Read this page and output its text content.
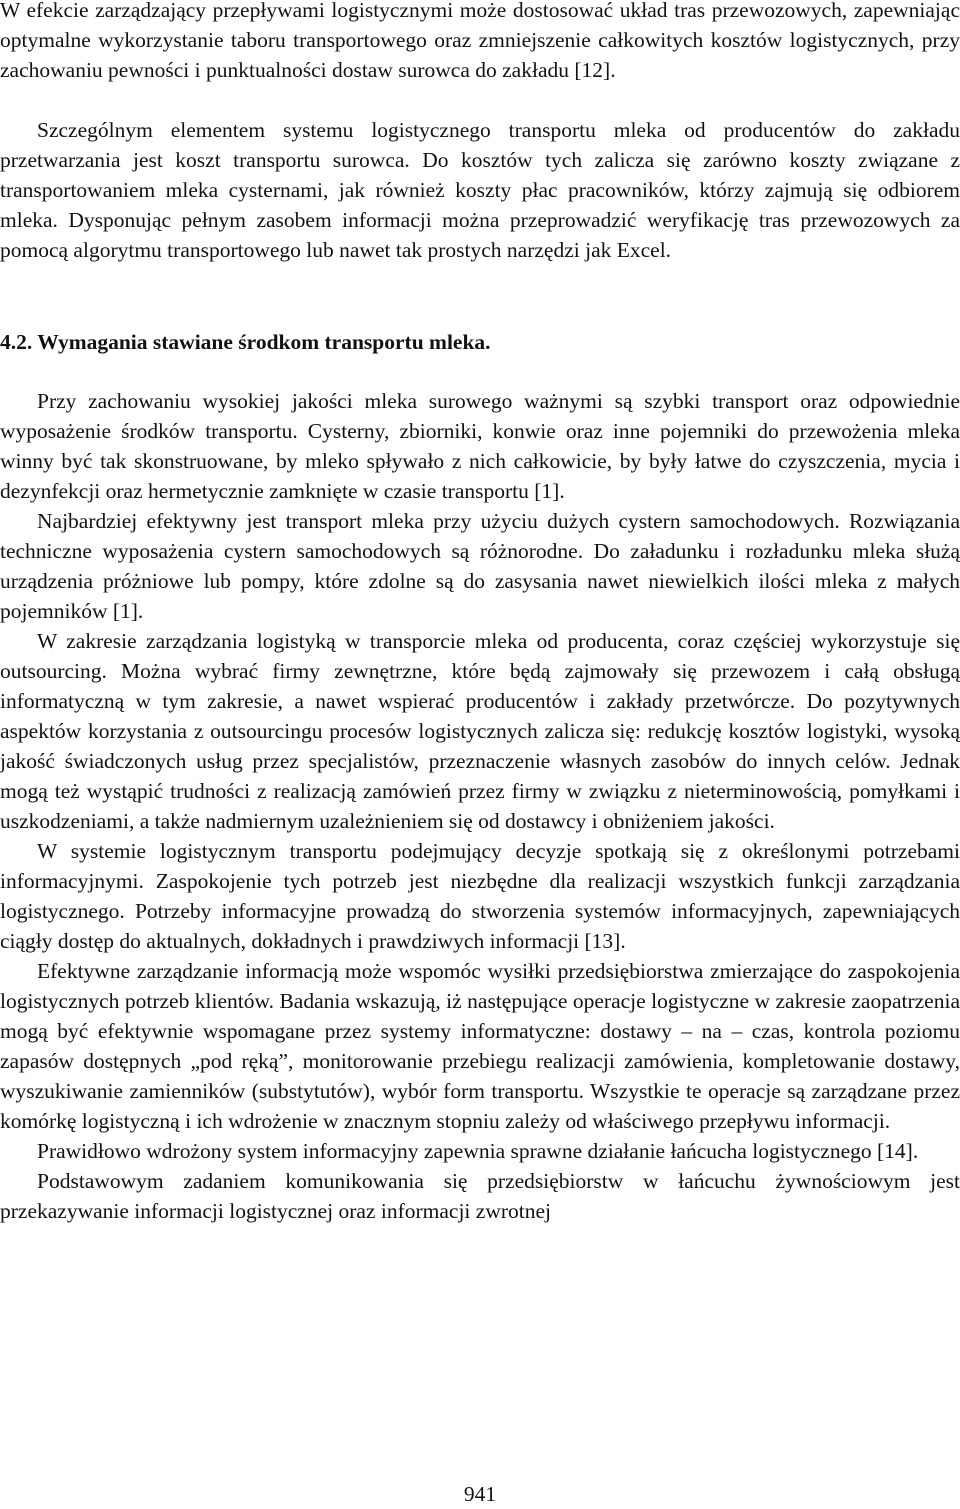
W efekcie zarządzający przepływami logistycznymi może dostosować układ tras przewozowych, zapewniając optymalne wykorzystanie taboru transportowego oraz zmniejszenie całkowitych kosztów logistycznych, przy zachowaniu pewności i punktualności dostaw surowca do zakładu [12].

Szczególnym elementem systemu logistycznego transportu mleka od producentów do zakładu przetwarzania jest koszt transportu surowca. Do kosztów tych zalicza się zarówno koszty związane z transportowaniem mleka cysternami, jak również koszty płac pracowników, którzy zajmują się odbiorem mleka. Dysponując pełnym zasobem informacji można przeprowadzić weryfikację tras przewozowych za pomocą algorytmu transportowego lub nawet tak prostych narzędzi jak Excel.

4.2. Wymagania stawiane środkom transportu mleka.

Przy zachowaniu wysokiej jakości mleka surowego ważnymi są szybki transport oraz odpowiednie wyposażenie środków transportu. Cysterny, zbiorniki, konwie oraz inne pojemniki do przewożenia mleka winny być tak skonstruowane, by mleko spływało z nich całkowicie, by były łatwe do czyszczenia, mycia i dezynfekcji oraz hermetycznie zamknięte w czasie transportu [1].

Najbardziej efektywny jest transport mleka przy użyciu dużych cystern samochodowych. Rozwiązania techniczne wyposażenia cystern samochodowych są różnorodne. Do załadunku i rozładunku mleka służą urządzenia próżniowe lub pompy, które zdolne są do zasysania nawet niewielkich ilości mleka z małych pojemników [1].

W zakresie zarządzania logistyką w transporcie mleka od producenta, coraz częściej wykorzystuje się outsourcing. Można wybrać firmy zewnętrzne, które będą zajmowały się przewozem i całą obsługą informatyczną w tym zakresie, a nawet wspierać producentów i zakłady przetwórcze. Do pozytywnych aspektów korzystania z outsourcingu procesów logistycznych zalicza się: redukcję kosztów logistyki, wysoką jakość świadczonych usług przez specjalistów, przeznaczenie własnych zasobów do innych celów. Jednak mogą też wystąpić trudności z realizacją zamówień przez firmy w związku z nieterminowością, pomyłkami i uszkodzeniami, a także nadmiernym uzależnieniem się od dostawcy i obniżeniem jakości.

W systemie logistycznym transportu podejmujący decyzje spotkają się z określonymi potrzebami informacyjnymi. Zaspokojenie tych potrzeb jest niezbędne dla realizacji wszystkich funkcji zarządzania logistycznego. Potrzeby informacyjne prowadzą do stworzenia systemów informacyjnych, zapewniających ciągły dostęp do aktualnych, dokładnych i prawdziwych informacji [13].

Efektywne zarządzanie informacją może wspomóc wysiłki przedsiębiorstwa zmierzające do zaspokojenia logistycznych potrzeb klientów. Badania wskazują, iż następujące operacje logistyczne w zakresie zaopatrzenia mogą być efektywnie wspomagane przez systemy informatyczne: dostawy – na – czas, kontrola poziomu zapasów dostępnych „pod ręką”, monitorowanie przebiegu realizacji zamówienia, kompletowanie dostawy, wyszukiwanie zamienników (substytutów), wybór form transportu. Wszystkie te operacje są zarządzane przez komórkę logistyczną i ich wdrożenie w znacznym stopniu zależy od właściwego przepływu informacji.

Prawidłowo wdrożony system informacyjny zapewnia sprawne działanie łańcucha logistycznego [14].

Podstawowym zadaniem komunikowania się przedsiębiorstw w łańcuchu żywnościowym jest przekazywanie informacji logistycznej oraz informacji zwrotnej

941
